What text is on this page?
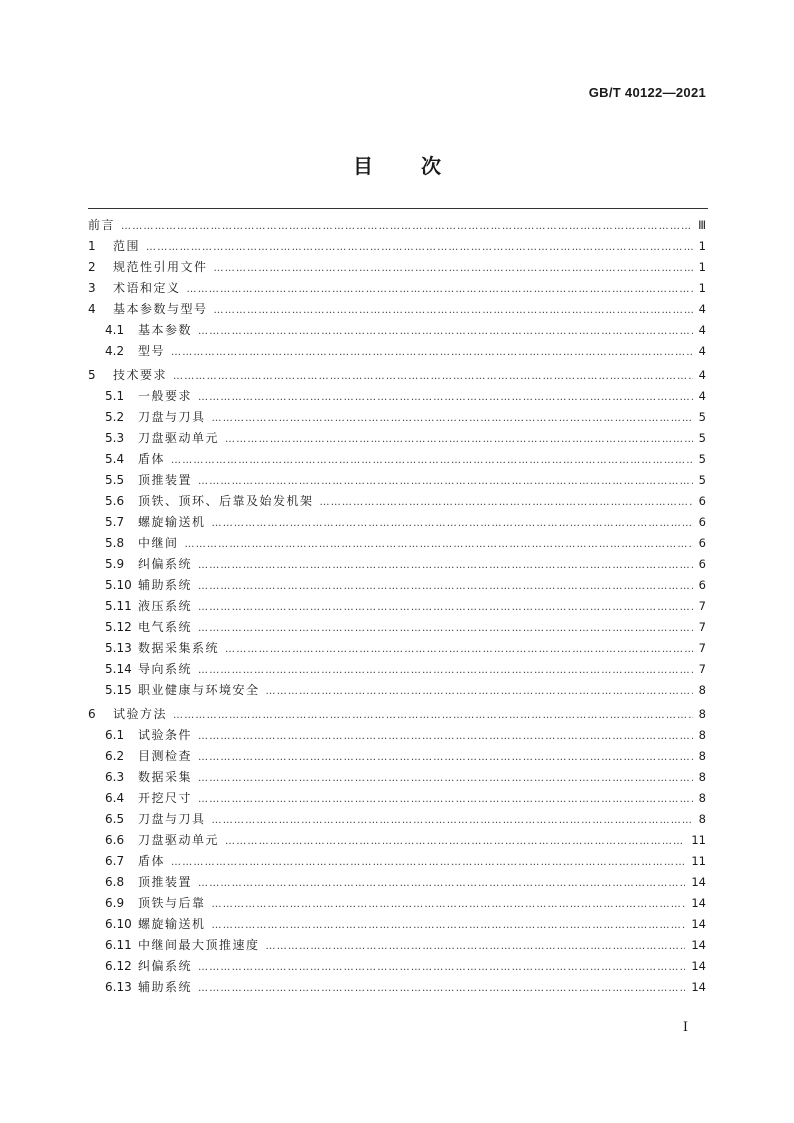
GB/T 40122—2021
目 次
前言 …………………………………………………………………………………………………………………………………………………………………………………………………………………	Ⅲ
1	范围 …………………………………………………………………………………………………………………………………………………………………………………………………………………	1
2	规范性引用文件 …………………………………………………………………………………………………………………………………………………………………………………………………………………	1
3	术语和定义 …………………………………………………………………………………………………………………………………………………………………………………………………………………	1
4	基本参数与型号 …………………………………………………………………………………………………………………………………………………………………………………………………………………	4
4.1	基本参数 …………………………………………………………………………………………………………………………………………………………………………………………………………………	4
4.2	型号 …………………………………………………………………………………………………………………………………………………………………………………………………………………	4
5	技术要求 …………………………………………………………………………………………………………………………………………………………………………………………………………………	4
5.1	一般要求 …………………………………………………………………………………………………………………………………………………………………………………………………………………	4
5.2	刀盘与刀具 …………………………………………………………………………………………………………………………………………………………………………………………………………………	5
5.3	刀盘驱动单元 …………………………………………………………………………………………………………………………………………………………………………………………………………………	5
5.4	盾体 …………………………………………………………………………………………………………………………………………………………………………………………………………………	5
5.5	顶推装置 …………………………………………………………………………………………………………………………………………………………………………………………………………………	5
5.6	顶铁、顶环、后靠及始发机架 …………………………………………………………………………………………………………………………………………………………………………………………………………………	6
5.7	螺旋输送机 …………………………………………………………………………………………………………………………………………………………………………………………………………………	6
5.8	中继间 …………………………………………………………………………………………………………………………………………………………………………………………………………………	6
5.9	纠偏系统 …………………………………………………………………………………………………………………………………………………………………………………………………………………	6
5.10 辅助系统 …………………………………………………………………………………………………………………………………………………………………………………………………………………	6
5.11 液压系统 …………………………………………………………………………………………………………………………………………………………………………………………………………………	7
5.12 电气系统 …………………………………………………………………………………………………………………………………………………………………………………………………………………	7
5.13 数据采集系统 …………………………………………………………………………………………………………………………………………………………………………………………………………………	7
5.14 导向系统 …………………………………………………………………………………………………………………………………………………………………………………………………………………	7
5.15 职业健康与环境安全 …………………………………………………………………………………………………………………………………………………………………………………………………………………	8
6	试验方法 …………………………………………………………………………………………………………………………………………………………………………………………………………………	8
6.1	试验条件 …………………………………………………………………………………………………………………………………………………………………………………………………………………	8
6.2	目测检查 …………………………………………………………………………………………………………………………………………………………………………………………………………………	8
6.3	数据采集 …………………………………………………………………………………………………………………………………………………………………………………………………………………	8
6.4	开挖尺寸 …………………………………………………………………………………………………………………………………………………………………………………………………………………	8
6.5	刀盘与刀具 …………………………………………………………………………………………………………………………………………………………………………………………………………………	8
6.6	刀盘驱动单元 …………………………………………………………………………………………………………………………………………………………………………………………………………………	11
6.7	盾体 …………………………………………………………………………………………………………………………………………………………………………………………………………………	11
6.8	顶推装置 …………………………………………………………………………………………………………………………………………………………………………………………………………………	14
6.9	顶铁与后靠 …………………………………………………………………………………………………………………………………………………………………………………………………………………	14
6.10 螺旋输送机 …………………………………………………………………………………………………………………………………………………………………………………………………………………	14
6.11 中继间最大顶推速度 …………………………………………………………………………………………………………………………………………………………………………………………………………………	14
6.12 纠偏系统 …………………………………………………………………………………………………………………………………………………………………………………………………………………	14
6.13 辅助系统 …………………………………………………………………………………………………………………………………………………………………………………………………………………	14
I
